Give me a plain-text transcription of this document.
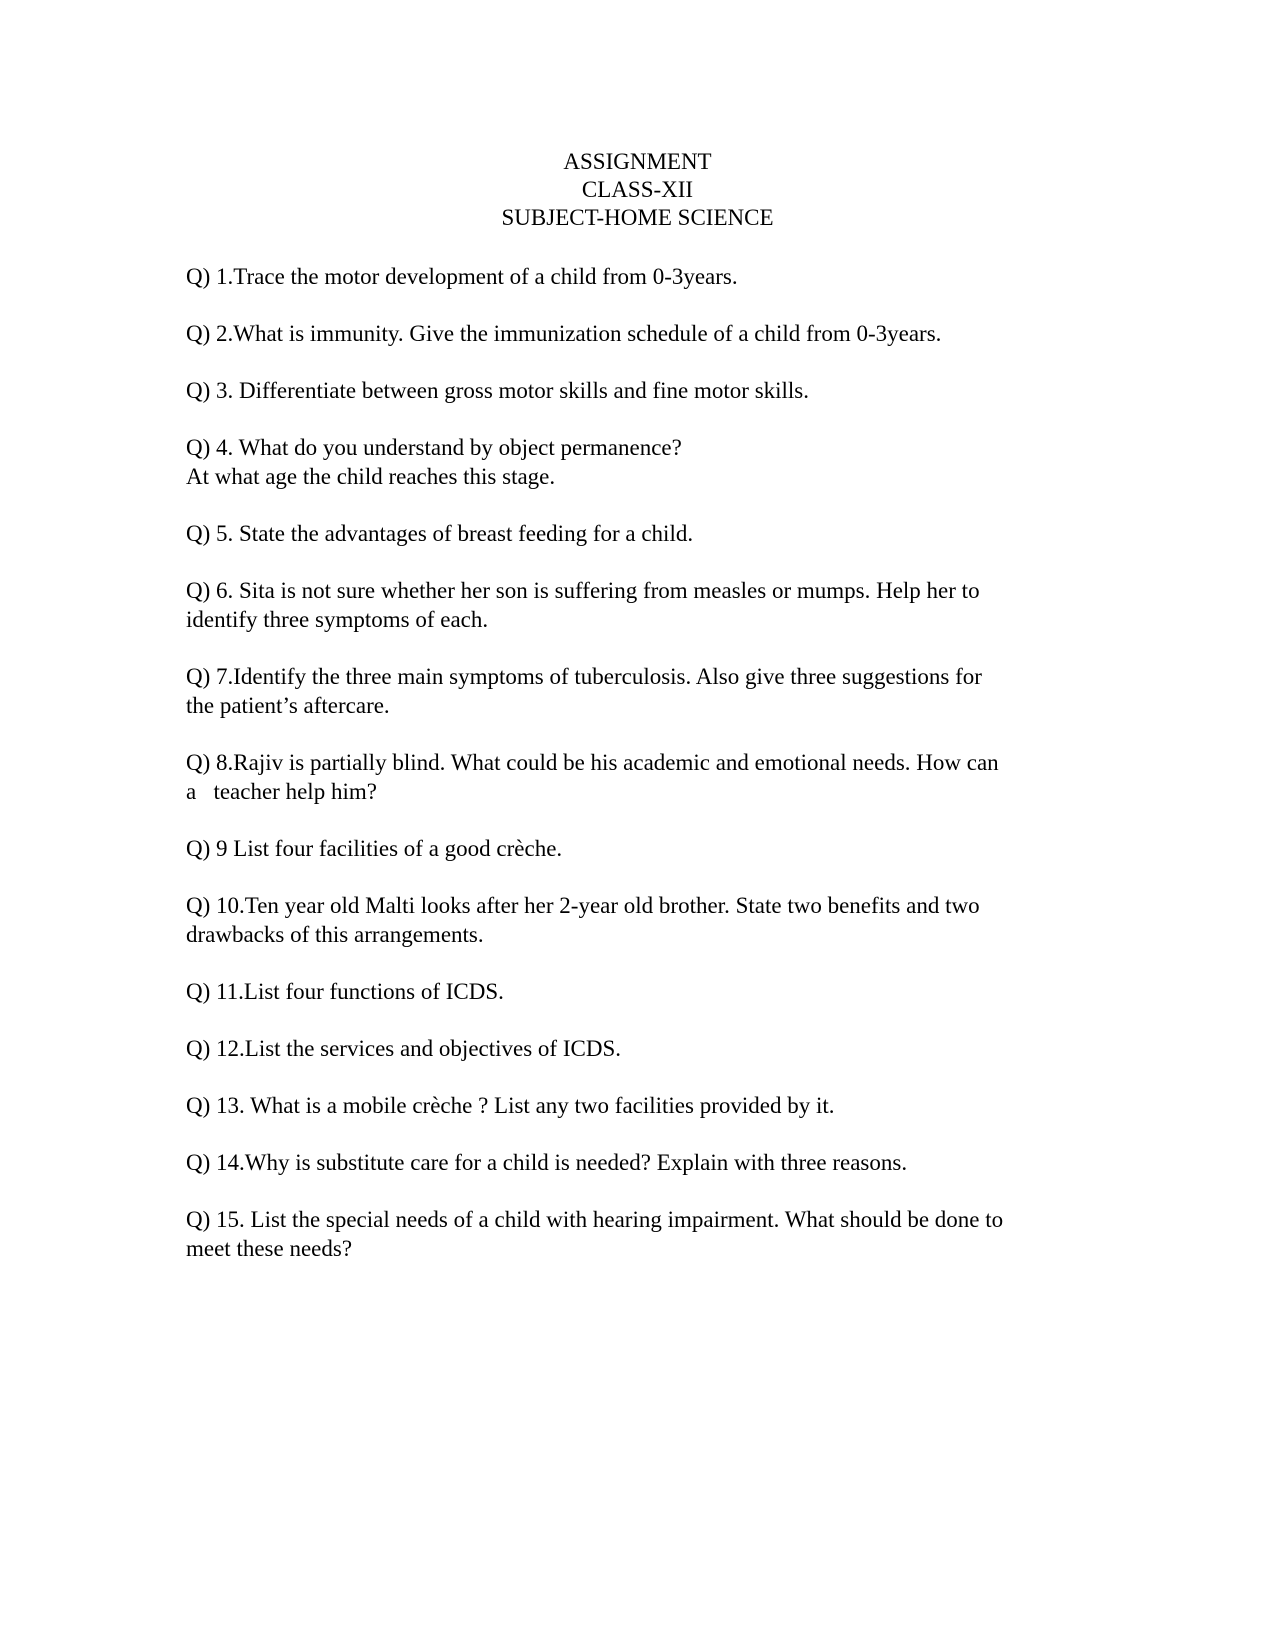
ASSIGNMENT
CLASS-XII
SUBJECT-HOME SCIENCE
Q) 1.Trace the motor development of a child from 0-3years.
Q) 2.What is immunity. Give the immunization schedule of a child from 0-3years.
Q) 3. Differentiate between gross motor skills and fine motor skills.
Q) 4. What do you understand by object permanence?
At what age the child reaches this stage.
Q) 5. State the advantages of breast feeding for a child.
Q) 6. Sita is not sure whether her son is suffering from measles or mumps. Help her to
identify three symptoms of each.
Q) 7.Identify the three main symptoms of tuberculosis. Also give three suggestions for
the patient’s aftercare.
Q) 8.Rajiv is partially blind. What could be his academic and emotional needs. How can
a   teacher help him?
Q) 9 List four facilities of a good crèche.
Q) 10.Ten year old Malti looks after her 2-year old brother. State two benefits and two
drawbacks of this arrangements.
Q) 11.List four functions of ICDS.
Q) 12.List the services and objectives of ICDS.
Q) 13. What is a mobile crèche ? List any two facilities provided by it.
Q) 14.Why is substitute care for a child is needed? Explain with three reasons.
Q) 15. List the special needs of a child with hearing impairment. What should be done to
meet these needs?
